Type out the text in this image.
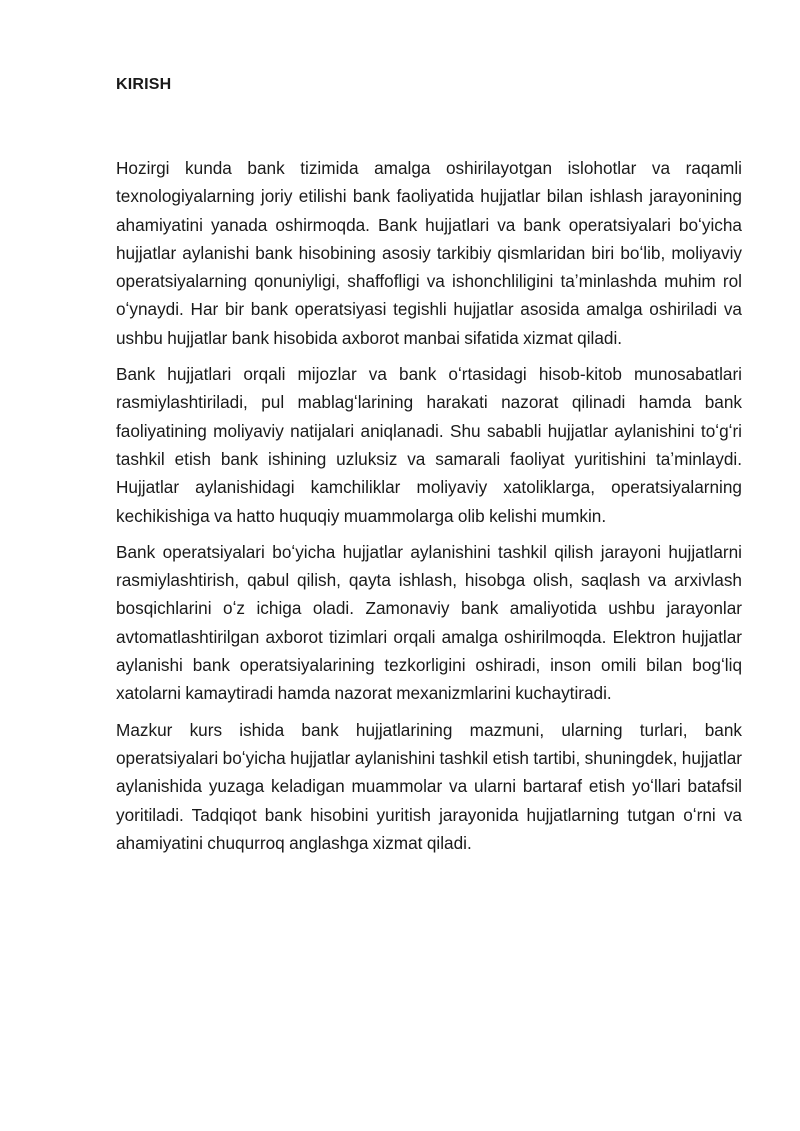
KIRISH

Hozirgi kunda bank tizimida amalga oshirilayotgan islohotlar va raqamli texnologiyalarning joriy etilishi bank faoliyatida hujjatlar bilan ishlash jarayonining ahamiyatini yanada oshirmoqda. Bank hujjatlari va bank operatsiyalari boʻyicha hujjatlar aylanishi bank hisobining asosiy tarkibiy qismlaridan biri boʻlib, moliyaviy operatsiyalarning qonuniyligi, shaffofligi va ishonchliligini taʼminlashda muhim rol oʻynaydi. Har bir bank operatsiyasi tegishli hujjatlar asosida amalga oshiriladi va ushbu hujjatlar bank hisobida axborot manbai sifatida xizmat qiladi.

Bank hujjatlari orqali mijozlar va bank oʻrtasidagi hisob-kitob munosabatlari rasmiylashtiriladi, pul mablagʻlarining harakati nazorat qilinadi hamda bank faoliyatining moliyaviy natijalari aniqlanadi. Shu sababli hujjatlar aylanishini toʻgʻri tashkil etish bank ishining uzluksiz va samarali faoliyat yuritishini taʼminlaydi. Hujjatlar aylanishidagi kamchiliklar moliyaviy xatoliklarga, operatsiyalarning kechikishiga va hatto huquqiy muammolarga olib kelishi mumkin.

Bank operatsiyalari boʻyicha hujjatlar aylanishini tashkil qilish jarayoni hujjatlarni rasmiylashtirish, qabul qilish, qayta ishlash, hisobga olish, saqlash va arxivlash bosqichlarini oʻz ichiga oladi. Zamonaviy bank amaliyotida ushbu jarayonlar avtomatlashtirilgan axborot tizimlari orqali amalga oshirilmoqda. Elektron hujjatlar aylanishi bank operatsiyalarining tezkorligini oshiradi, inson omili bilan bogʻliq xatolarni kamaytiradi hamda nazorat mexanizmlarini kuchaytiradi.

Mazkur kurs ishida bank hujjatlarining mazmuni, ularning turlari, bank operatsiyalari boʻyicha hujjatlar aylanishini tashkil etish tartibi, shuningdek, hujjatlar aylanishida yuzaga keladigan muammolar va ularni bartaraf etish yoʻllari batafsil yoritiladi. Tadqiqot bank hisobini yuritish jarayonida hujjatlarning tutgan oʻrni va ahamiyatini chuqurroq anglashga xizmat qiladi.
